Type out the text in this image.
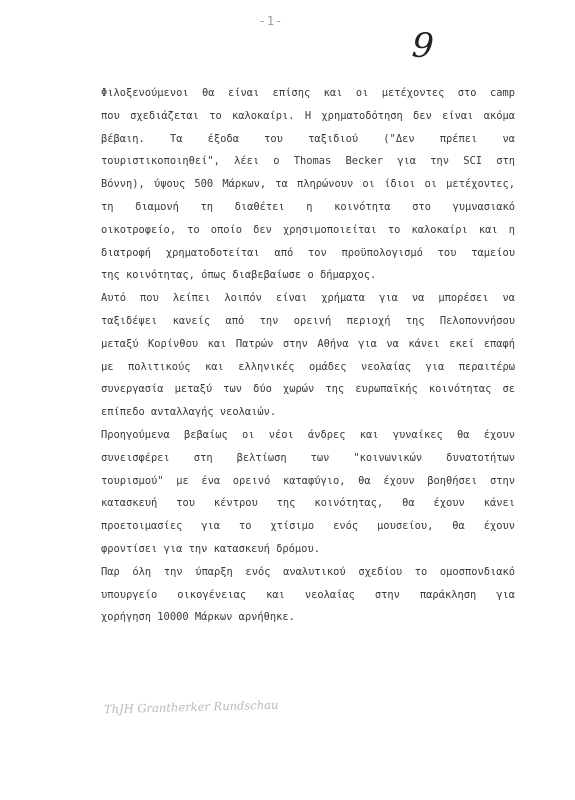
-1-
9
Φιλοξενούμενοι θα είναι επίσης και οι μετέχοντες στο camp
που σχεδιάζεται το καλοκαίρι. Η χρηματοδότηση δεν είναι ακόμα
βέβαιη. Τα έξοδα του ταξιδιού ("Δεν πρέπει να
τουριστικοποιηθεί", λέει ο Thomas Becker για την SCI στη
Βόννη), ύψους 500 Μάρκων, τα πληρώνουν οι ίδιοι οι μετέχοντες,
τη διαμονή τη διαθέτει η κοινότητα στο γυμνασιακό
οικοτροφείο, το οποίο δεν χρησιμοποιείται το καλοκαίρι και η
διατροφή χρηματοδοτείται από τον προϋπολογισμό του ταμείου
της κοινότητας, όπως διαβεβαίωσε ο δήμαρχος.
Αυτό που λείπει λοιπόν είναι χρήματα για να μπορέσει να
ταξιδέψει κανείς από την ορεινή περιοχή της Πελοποννήσου
μεταξύ Κορίνθου και Πατρών στην Αθήνα για να κάνει εκεί επαφή
με πολιτικούς και ελληνικές ομάδες νεολαίας για περαιτέρω
συνεργασία μεταξύ των δύο χωρών της ευρωπαϊκής κοινότητας σε
επίπεδο ανταλλαγής νεολαιών.
Προηγούμενα βεβαίως οι νέοι άνδρες και γυναίκες θα έχουν
συνεισφέρει στη βελτίωση των "κοινωνικών δυνατοτήτων
τουρισμού" με ένα ορεινό καταφύγιο, θα έχουν βοηθήσει στην
κατασκευή του κέντρου της κοινότητας, θα έχουν κάνει
προετοιμασίες για το χτίσιμο ενός μουσείου, θα έχουν
φροντίσει για την κατασκευή δρόμου.
Παρ όλη την ύπαρξη ενός αναλυτικού σχεδίου το ομοσπονδιακό
υπουργείο οικογένειας και νεολαίας στην παράκληση για
χορήγηση 10000 Μάρκων αρνήθηκε.
ThJH Grantherker Rundschau
